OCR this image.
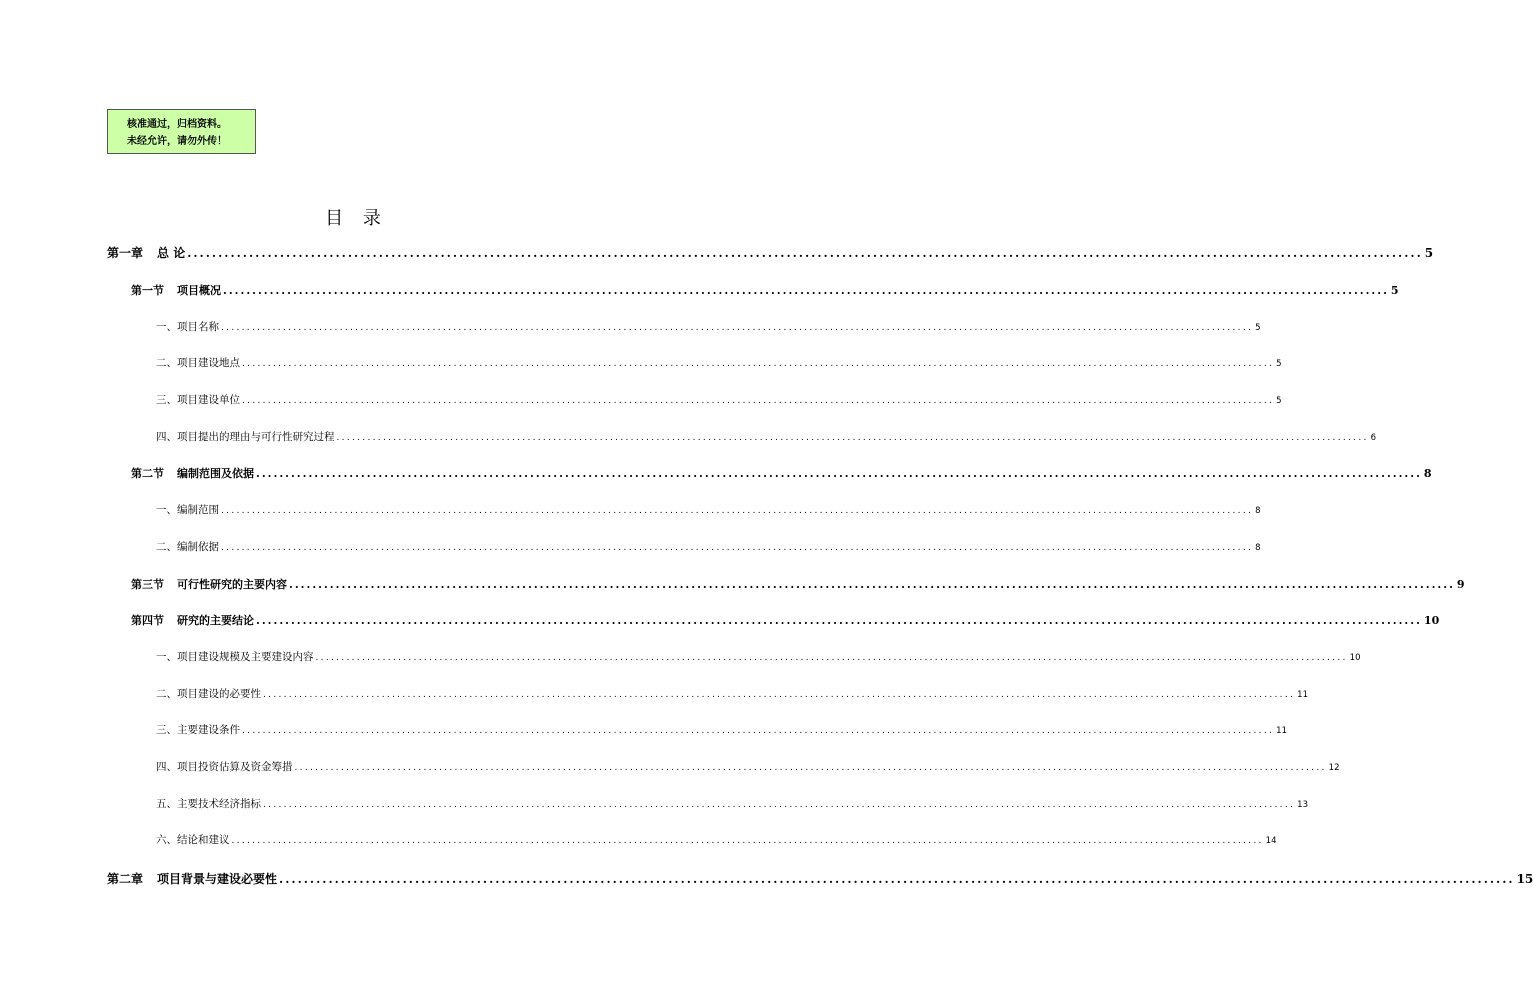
核准通过，归档资料。
未经允许，请勿外传！
目 录
第一章 总 论 ........................................................................................................................................................................................................ 5
第一节 项目概况 ........................................................................................................................................................................................................ 5
一、项目名称 ........................................................................................................................................................................................................ 5
二、项目建设地点 ........................................................................................................................................................................................................ 5
三、项目建设单位 ........................................................................................................................................................................................................ 5
四、项目提出的理由与可行性研究过程 ........................................................................................................................................................................................................ 6
第二节 编制范围及依据 ........................................................................................................................................................................................................ 8
一、编制范围 ........................................................................................................................................................................................................ 8
二、编制依据 ........................................................................................................................................................................................................ 8
第三节 可行性研究的主要内容 ........................................................................................................................................................................................................ 9
第四节 研究的主要结论 ........................................................................................................................................................................................................ 10
一、项目建设规模及主要建设内容 ........................................................................................................................................................................................................ 10
二、项目建设的必要性 ........................................................................................................................................................................................................ 11
三、主要建设条件 ........................................................................................................................................................................................................ 11
四、项目投资估算及资金筹措 ........................................................................................................................................................................................................ 12
五、主要技术经济指标 ........................................................................................................................................................................................................ 13
六、结论和建议 ........................................................................................................................................................................................................ 14
第二章 项目背景与建设必要性 ........................................................................................................................................................................................................ 15
